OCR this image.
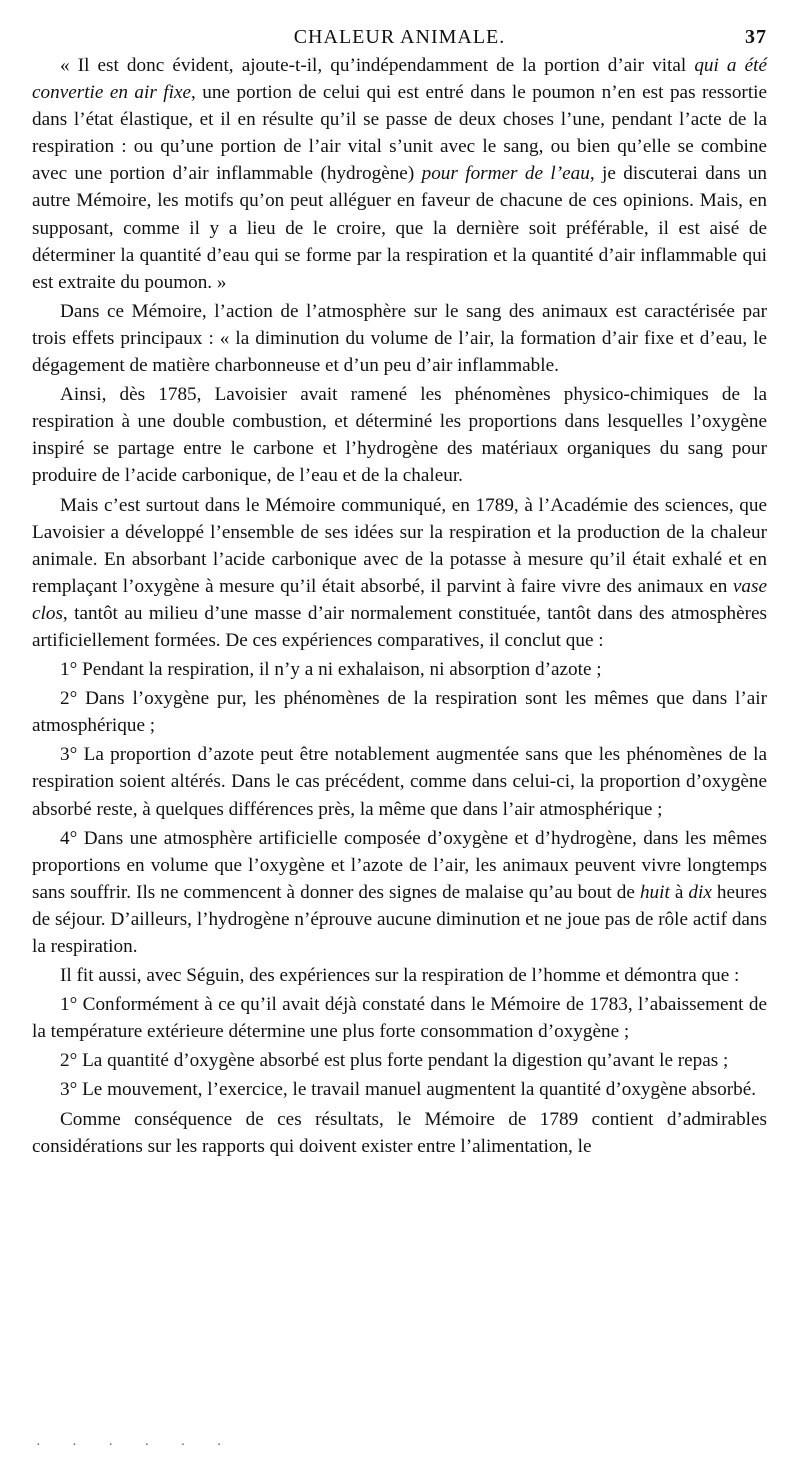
CHALEUR ANIMALE.	37

« Il est donc évident, ajoute-t-il, qu’indépendamment de la portion d’air vital qui a été convertie en air fixe, une portion de celui qui est entré dans le poumon n’en est pas ressortie dans l’état élastique, et il en résulte qu’il se passe de deux choses l’une, pendant l’acte de la respiration : ou qu’une portion de l’air vital s’unit avec le sang, ou bien qu’elle se combine avec une portion d’air inflammable (hydrogène) pour former de l’eau, je discuterai dans un autre Mémoire, les motifs qu’on peut alléguer en faveur de chacune de ces opinions. Mais, en supposant, comme il y a lieu de le croire, que la dernière soit préférable, il est aisé de déterminer la quantité d’eau qui se forme par la respiration et la quantité d’air inflammable qui est extraite du poumon. »

Dans ce Mémoire, l’action de l’atmosphère sur le sang des animaux est caractérisée par trois effets principaux : « la diminution du volume de l’air, la formation d’air fixe et d’eau, le dégagement de matière charbonneuse et d’un peu d’air inflammable.

Ainsi, dès 1785, Lavoisier avait ramené les phénomènes physico-chimiques de la respiration à une double combustion, et déterminé les proportions dans lesquelles l’oxygène inspiré se partage entre le carbone et l’hydrogène des matériaux organiques du sang pour produire de l’acide carbonique, de l’eau et de la chaleur.

Mais c’est surtout dans le Mémoire communiqué, en 1789, à l’Académie des sciences, que Lavoisier a développé l’ensemble de ses idées sur la respiration et la production de la chaleur animale. En absorbant l’acide carbonique avec de la potasse à mesure qu’il était exhalé et en remplaçant l’oxygène à mesure qu’il était absorbé, il parvint à faire vivre des animaux en vase clos, tantôt au milieu d’une masse d’air normalement constituée, tantôt dans des atmosphères artificiellement formées. De ces expériences comparatives, il conclut que :

1° Pendant la respiration, il n’y a ni exhalaison, ni absorption d’azote ;

2° Dans l’oxygène pur, les phénomènes de la respiration sont les mêmes que dans l’air atmosphérique ;

3° La proportion d’azote peut être notablement augmentée sans que les phénomènes de la respiration soient altérés. Dans le cas précédent, comme dans celui-ci, la proportion d’oxygène absorbé reste, à quelques différences près, la même que dans l’air atmosphérique ;

4° Dans une atmosphère artificielle composée d’oxygène et d’hydrogène, dans les mêmes proportions en volume que l’oxygène et l’azote de l’air, les animaux peuvent vivre longtemps sans souffrir. Ils ne commencent à donner des signes de malaise qu’au bout de huit à dix heures de séjour. D’ailleurs, l’hydrogène n’éprouve aucune diminution et ne joue pas de rôle actif dans la respiration.

Il fit aussi, avec Séguin, des expériences sur la respiration de l’homme et démontra que :

1° Conformément à ce qu’il avait déjà constaté dans le Mémoire de 1783, l’abaissement de la température extérieure détermine une plus forte consommation d’oxygène ;

2° La quantité d’oxygène absorbé est plus forte pendant la digestion qu’avant le repas ;

3° Le mouvement, l’exercice, le travail manuel augmentent la quantité d’oxygène absorbé.

Comme conséquence de ces résultats, le Mémoire de 1789 contient d’admirables considérations sur les rapports qui doivent exister entre l’alimentation, le

· · · · · ·
